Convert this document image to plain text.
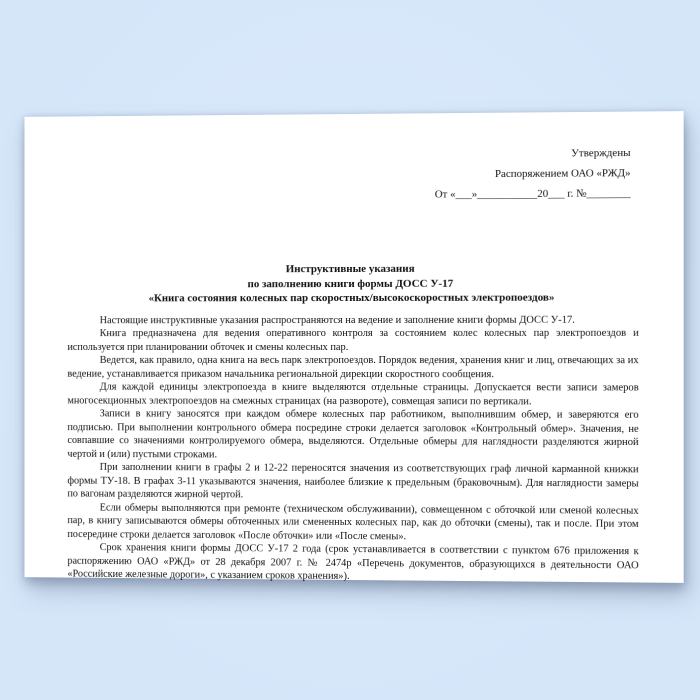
Утверждены
Распоряжением ОАО «РЖД»
От «___»___________20___ г. №________
Инструктивные указания
по заполнению книги формы ДОСС У-17
«Книга состояния колесных пар скоростных/высокоскоростных электропоездов»

Настоящие инструктивные указания распространяются на ведение и заполнение книги формы ДОСС У-17.

Книга предназначена для ведения оперативного контроля за состоянием колес колесных пар электропоездов и используется при планировании обточек и смены колесных пар.

Ведется, как правило, одна книга на весь парк электропоездов. Порядок ведения, хранения книг и лиц, отвечающих за их ведение, устанавливается приказом начальника региональной дирекции скоростного сообщения.

Для каждой единицы электропоезда в книге выделяются отдельные страницы. Допускается вести записи замеров многосекционных электропоездов на смежных страницах (на развороте), совмещая записи по вертикали.

Записи в книгу заносятся при каждом обмере колесных пар работником, выполнившим обмер, и заверяются его подписью. При выполнении контрольного обмера посредине строки делается заголовок «Контрольный обмер». Значения, не совпавшие со значениями контролируемого обмера, выделяются. Отдельные обмеры для наглядности разделяются жирной чертой и (или) пустыми строками.

При заполнении книги в графы 2 и 12-22 переносятся значения из соответствующих граф личной карманной книжки формы ТУ-18. В графах 3-11 указываются значения, наиболее близкие к предельным (браковочным). Для наглядности замеры по вагонам разделяются жирной чертой.

Если обмеры выполняются при ремонте (техническом обслуживании), совмещенном с обточкой или сменой колесных пар, в книгу записываются обмеры обточенных или смененных колесных пар, как до обточки (смены), так и после. При этом посередине строки делается заголовок «После обточки» или «После смены».

Срок хранения книги формы ДОСС У-17 2 года (срок устанавливается в соответствии с пунктом 676 приложения к распоряжению ОАО «РЖД» от 28 декабря 2007 г. № 2474р «Перечень документов, образующихся в деятельности ОАО «Российские железные дороги», с указанием сроков хранения»).
